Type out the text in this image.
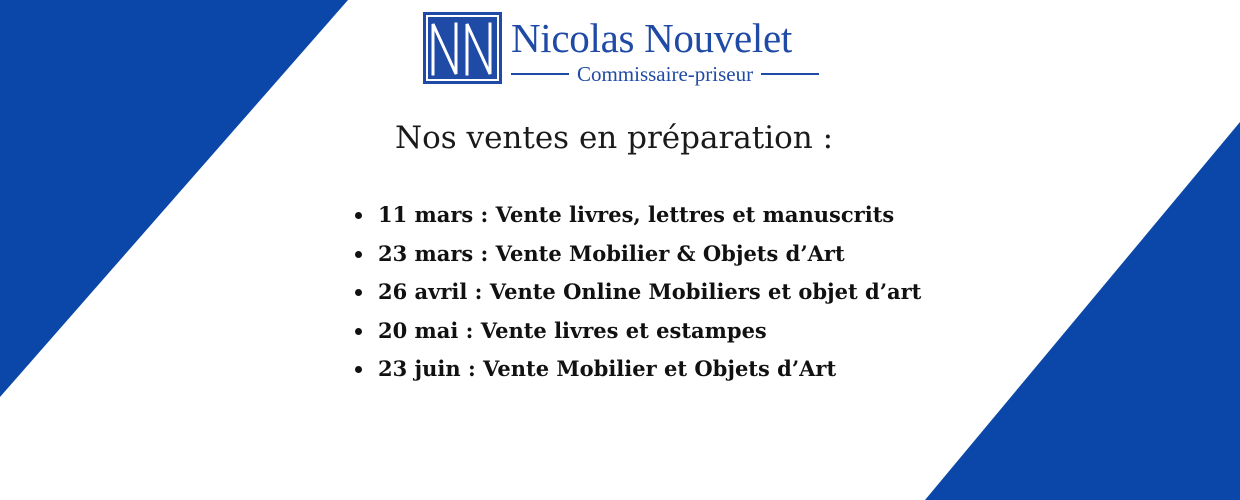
Nicolas Nouvelet
Commissaire-priseur
Nos ventes en préparation :
11 mars : Vente livres, lettres et manuscrits
23 mars : Vente Mobilier & Objets d’Art
26 avril : Vente Online Mobiliers et objet d’art
20 mai : Vente livres et estampes
23 juin : Vente Mobilier et Objets d’Art
